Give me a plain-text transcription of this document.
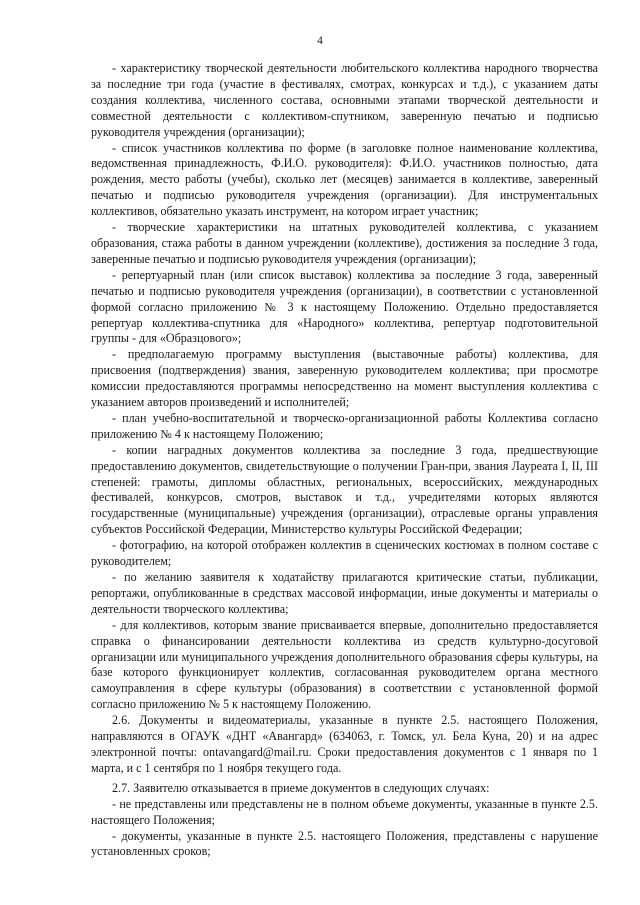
4

- характеристику творческой деятельности любительского коллектива народного творчества за последние три года (участие в фестивалях, смотрах, конкурсах и т.д.), с указанием даты создания коллектива, численного состава, основными этапами творческой деятельности и совместной деятельности с коллективом-спутником, заверенную печатью и подписью руководителя учреждения (организации);

- список участников коллектива по форме (в заголовке полное наименование коллектива, ведомственная принадлежность, Ф.И.О. руководителя): Ф.И.О. участников полностью, дата рождения, место работы (учебы), сколько лет (месяцев) занимается в коллективе, заверенный печатью и подписью руководителя учреждения (организации). Для инструментальных коллективов, обязательно указать инструмент, на котором играет участник;

- творческие характеристики на штатных руководителей коллектива, с указанием образования, стажа работы в данном учреждении (коллективе), достижения за последние 3 года, заверенные печатью и подписью руководителя учреждения (организации);

- репертуарный план (или список выставок) коллектива за последние 3 года, заверенный печатью и подписью руководителя учреждения (организации), в соответствии с установленной формой согласно приложению № 3 к настоящему Положению. Отдельно предоставляется репертуар коллектива-спутника для «Народного» коллектива, репертуар подготовительной группы - для «Образцового»;

- предполагаемую программу выступления (выставочные работы) коллектива, для присвоения (подтверждения) звания, заверенную руководителем коллектива; при просмотре комиссии предоставляются программы непосредственно на момент выступления коллектива с указанием авторов произведений и исполнителей;

- план учебно-воспитательной и творческо-организационной работы Коллектива согласно приложению № 4 к настоящему Положению;

- копии наградных документов коллектива за последние 3 года, предшествующие предоставлению документов, свидетельствующие о получении Гран-при, звания Лауреата I, II, III степеней: грамоты, дипломы областных, региональных, всероссийских, международных фестивалей, конкурсов, смотров, выставок и т.д., учредителями которых являются государственные (муниципальные) учреждения (организации), отраслевые органы управления субъектов Российской Федерации, Министерство культуры Российской Федерации;

- фотографию, на которой отображен коллектив в сценических костюмах в полном составе с руководителем;

- по желанию заявителя к ходатайству прилагаются критические статьи, публикации, репортажи, опубликованные в средствах массовой информации, иные документы и материалы о деятельности творческого коллектива;

- для коллективов, которым звание присваивается впервые, дополнительно предоставляется справка о финансировании деятельности коллектива из средств культурно-досуговой организации или муниципального учреждения дополнительного образования сферы культуры, на базе которого функционирует коллектив, согласованная руководителем органа местного самоуправления в сфере культуры (образования) в соответствии с установленной формой согласно приложению № 5 к настоящему Положению.

2.6. Документы и видеоматериалы, указанные в пункте 2.5. настоящего Положения, направляются в ОГАУК «ДНТ «Авангард» (634063, г. Томск, ул. Бела Куна, 20) и на адрес электронной почты: ontavangard@mail.ru. Сроки предоставления документов с 1 января по 1 марта, и с 1 сентября по 1 ноября текущего года.

2.7. Заявителю отказывается в приеме документов в следующих случаях:

- не представлены или представлены не в полном объеме документы, указанные в пункте 2.5. настоящего Положения;

- документы, указанные в пункте 2.5. настоящего Положения, представлены с нарушение установленных сроков;
